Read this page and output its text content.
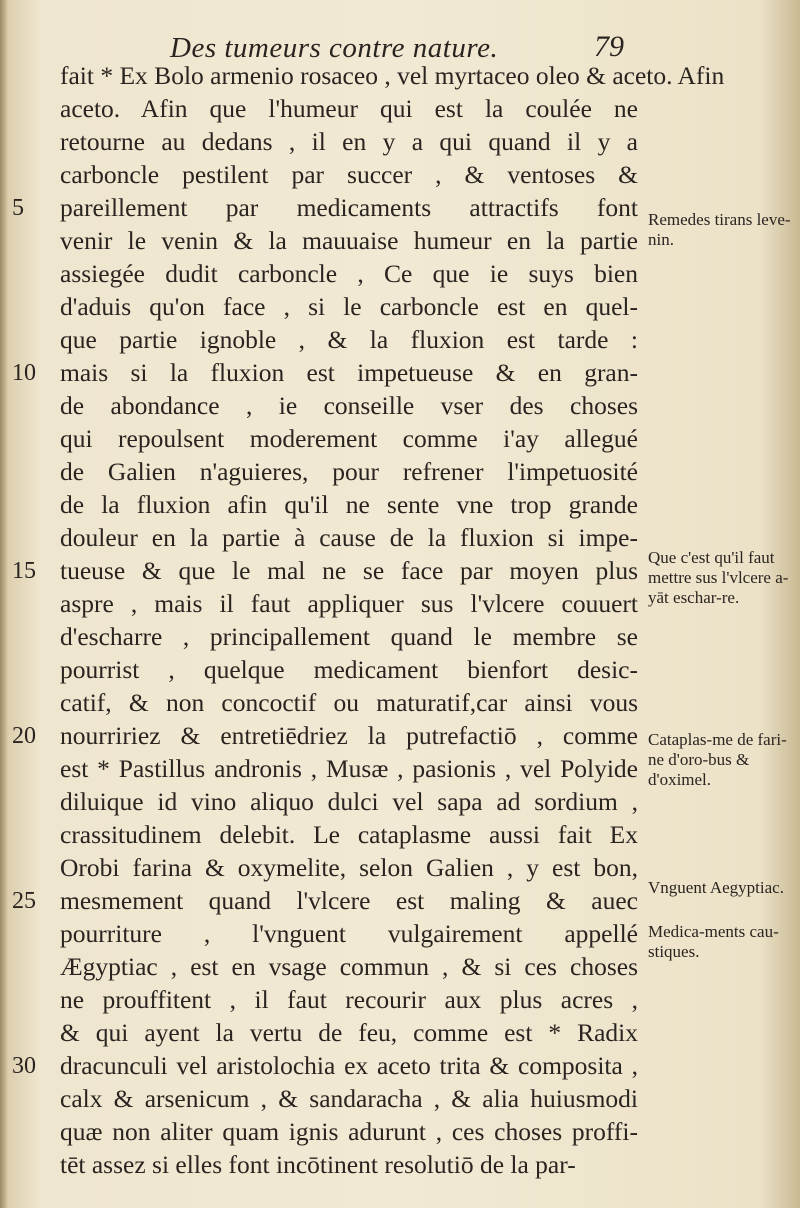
Des tumeurs contre nature.	79
fait * Ex Bolo armenio rosaceo , vel myrtaceo oleo & aceto. Afin
aceto. Afin que l'humeur qui est la coulée ne
retourne au dedans , il en y a qui quand il y a
carboncle pestilent par succer , & ventoses &
pareillement par medicaments attractifs font
venir le venin & la mauuaise humeur en la partie
assiegée dudit carboncle , Ce que ie suys bien
d'aduis qu'on face , si le carboncle est en quel-
que partie ignoble , & la fluxion est tarde :
mais si la fluxion est impetueuse & en gran-
de abondance , ie conseille vser des choses
qui repoulsent moderement comme i'ay allegué
de Galien n'aguieres, pour refrener l'impetuosité
de la fluxion afin qu'il ne sente vne trop grande
douleur en la partie à cause de la fluxion si impe-
tueuse & que le mal ne se face par moyen plus
aspre , mais il faut appliquer sus l'vlcere couuert
d'escharre , principallement quand le membre se
pourrist , quelque medicament bienfort desic-
catif, & non concoctif ou maturatif,car ainsi vous
nourririez & entretiēdriez la putrefactiō , comme
est * Pastillus andronis , Musæ , pasionis , vel Polyide
diluique id vino aliquo dulci vel sapa ad sordium ,
crassitudinem delebit. Le cataplasme aussi fait Ex
Orobi farina & oxymelite, selon Galien , y est bon,
mesmement quand l'vlcere est maling & auec
pourriture , l'vnguent vulgairement appellé
Ægyptiac , est en vsage commun , & si ces choses
ne prouffitent , il faut recourir aux plus acres ,
& qui ayent la vertu de feu, comme est * Radix
dracunculi vel aristolochia ex aceto trita & composita ,
calx & arsenicum , & sandaracha , & alia huiusmodi
quæ non aliter quam ignis adurunt , ces choses proffi-
tēt assez si elles font incōtinent resolutiō de la par-
5
10
15
20
25
30
Remedes tirans leve-nin.
Que c'est qu'il faut mettre sus l'vlcere a-yāt eschar-re.
Cataplas-me de fari-ne d'oro-bus & d'oximel.
Vnguent Aegyptiac.
Medica-ments cau-stiques.
